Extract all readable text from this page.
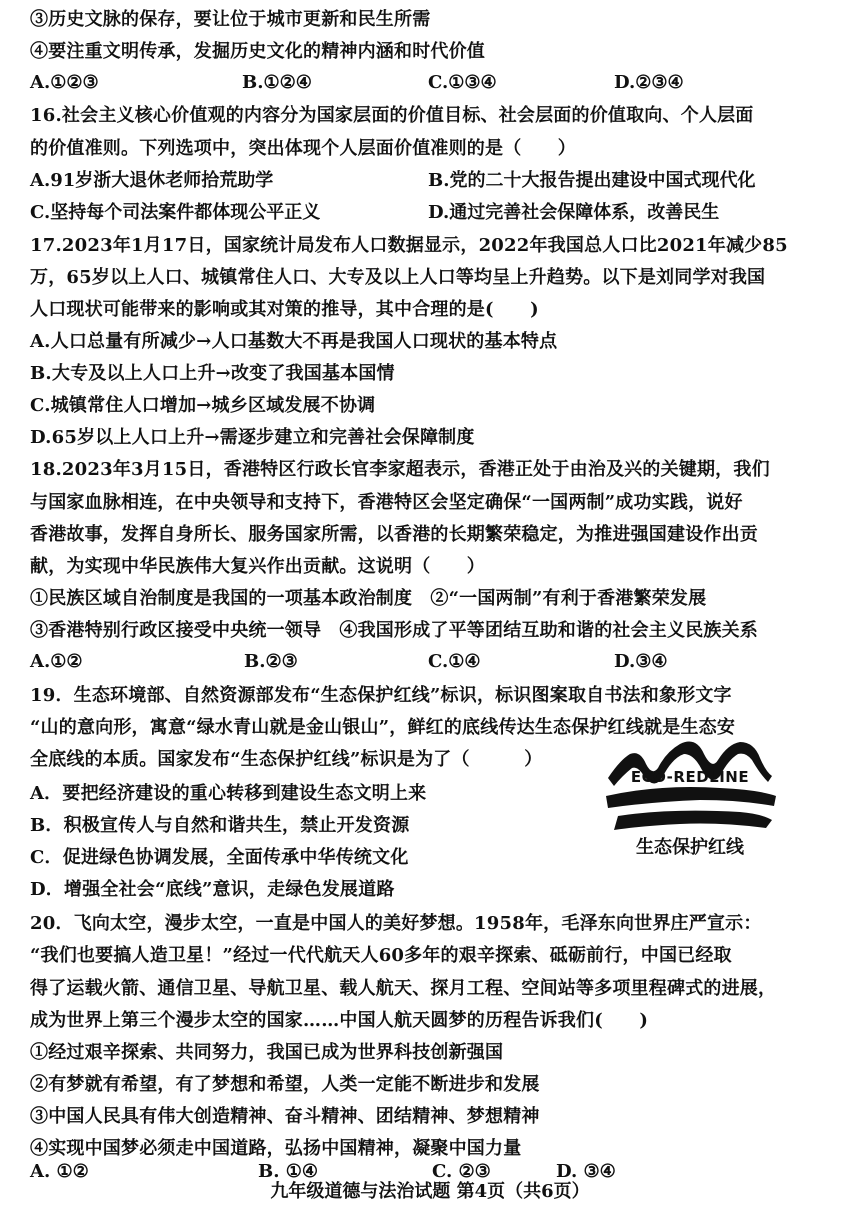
③历史文脉的保存，要让位于城市更新和民生所需
④要注重文明传承，发掘历史文化的精神内涵和时代价值
A.①②③	B.①②④	C.①③④	D.②③④
16.社会主义核心价值观的内容分为国家层面的价值目标、社会层面的价值取向、个人层面
的价值准则。下列选项中，突出体现个人层面价值准则的是（　　）
A.91岁浙大退休老师拾荒助学	B.党的二十大报告提出建设中国式现代化
C.坚持每个司法案件都体现公平正义	D.通过完善社会保障体系，改善民生
17.2023年1月17日，国家统计局发布人口数据显示，2022年我国总人口比2021年减少85
万，65岁以上人口、城镇常住人口、大专及以上人口等均呈上升趋势。以下是刘同学对我国
人口现状可能带来的影响或其对策的推导，其中合理的是(　　)
A.人口总量有所减少→人口基数大不再是我国人口现状的基本特点
B.大专及以上人口上升→改变了我国基本国情
C.城镇常住人口增加→城乡区域发展不协调
D.65岁以上人口上升→需逐步建立和完善社会保障制度
18.2023年3月15日，香港特区行政长官李家超表示，香港正处于由治及兴的关键期，我们
与国家血脉相连，在中央领导和支持下，香港特区会坚定确保“一国两制”成功实践，说好
香港故事，发挥自身所长、服务国家所需，以香港的长期繁荣稳定，为推进强国建设作出贡
献，为实现中华民族伟大复兴作出贡献。这说明（　　）
①民族区域自治制度是我国的一项基本政治制度　②“一国两制”有利于香港繁荣发展
③香港特别行政区接受中央统一领导　④我国形成了平等团结互助和谐的社会主义民族关系
A.①②	B.②③	C.①④	D.③④
19．生态环境部、自然资源部发布“生态保护红线”标识，标识图案取自书法和象形文字
“山的意向形，寓意“绿水青山就是金山银山”，鲜红的底线传达生态保护红线就是生态安
全底线的本质。国家发布“生态保护红线”标识是为了（　　　）
A．要把经济建设的重心转移到建设生态文明上来
B．积极宣传人与自然和谐共生，禁止开发资源
C．促进绿色协调发展，全面传承中华传统文化
D．增强全社会“底线”意识，走绿色发展道路
ECO-REDLINE
生态保护红线
20．飞向太空，漫步太空，一直是中国人的美好梦想。1958年，毛泽东向世界庄严宣示：
“我们也要搞人造卫星！”经过一代代航天人60多年的艰辛探索、砥砺前行，中国已经取
得了运载火箭、通信卫星、导航卫星、载人航天、探月工程、空间站等多项里程碑式的进展，
成为世界上第三个漫步太空的国家……中国人航天圆梦的历程告诉我们(　　)
①经过艰辛探索、共同努力，我国已成为世界科技创新强国
②有梦就有希望，有了梦想和希望，人类一定能不断进步和发展
③中国人民具有伟大创造精神、奋斗精神、团结精神、梦想精神
④实现中国梦必须走中国道路，弘扬中国精神，凝聚中国力量
A. ①②	B. ①④	C. ②③	D. ③④
九年级道德与法治试题 第4页（共6页）
